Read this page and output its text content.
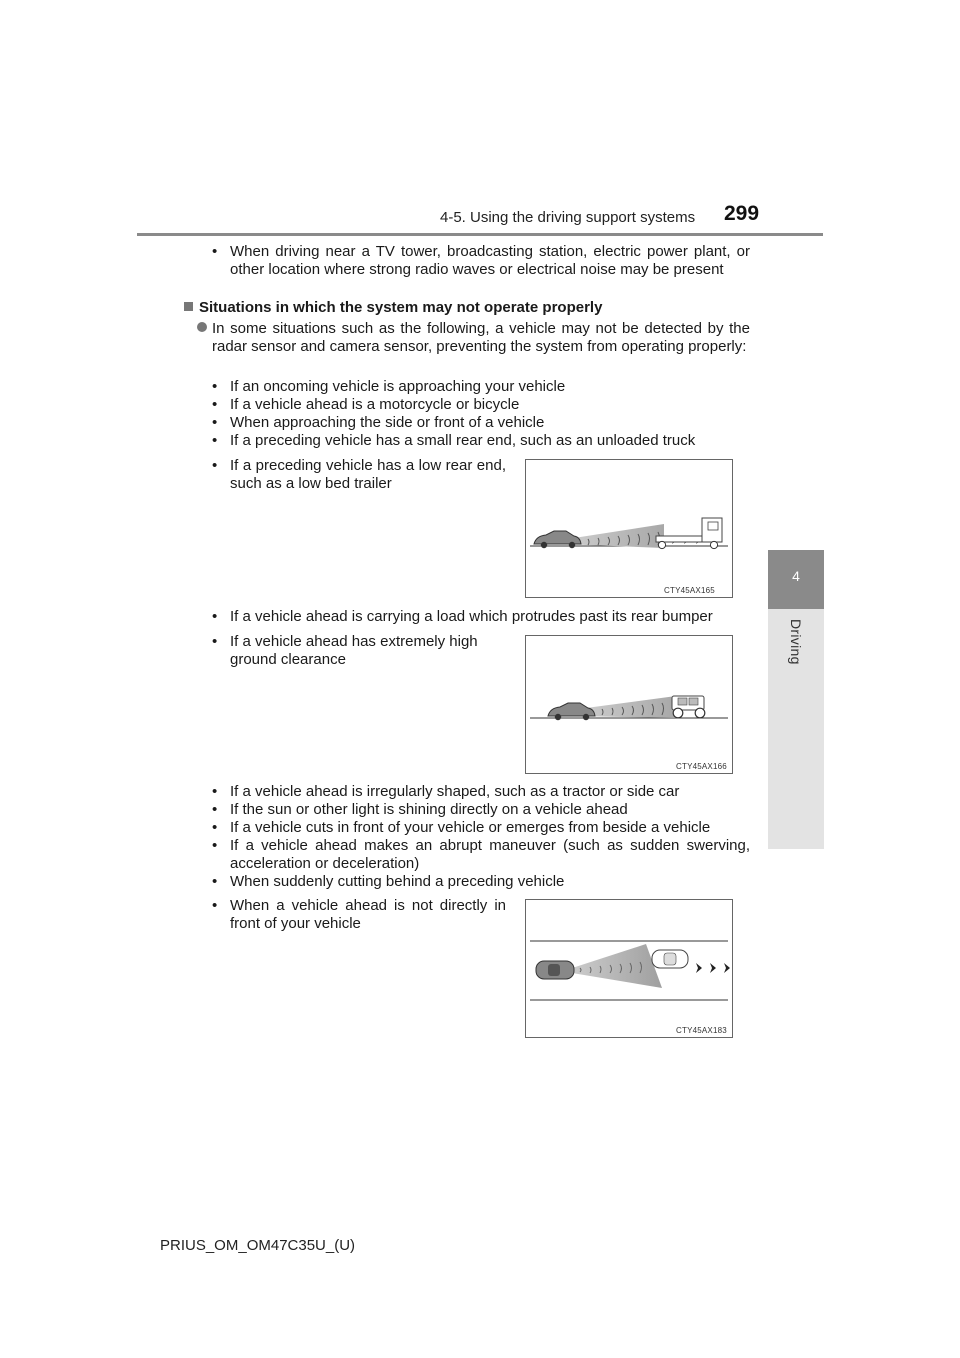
4-5. Using the driving support systems 299
4
Driving
• When driving near a TV tower, broadcasting station, electric power plant, or other location where strong radio waves or electrical noise may be present
Situations in which the system may not operate properly
In some situations such as the following, a vehicle may not be detected by the radar sensor and camera sensor, preventing the system from operating properly:
• If an oncoming vehicle is approaching your vehicle
• If a vehicle ahead is a motorcycle or bicycle
• When approaching the side or front of a vehicle
• If a preceding vehicle has a small rear end, such as an unloaded truck
• If a preceding vehicle has a low rear end, such as a low bed trailer
CTY45AX165
• If a vehicle ahead is carrying a load which protrudes past its rear bumper
• If a vehicle ahead has extremely high ground clearance
CTY45AX166
• If a vehicle ahead is irregularly shaped, such as a tractor or side car
• If the sun or other light is shining directly on a vehicle ahead
• If a vehicle cuts in front of your vehicle or emerges from beside a vehicle
• If a vehicle ahead makes an abrupt maneuver (such as sudden swerving, acceleration or deceleration)
• When suddenly cutting behind a preceding vehicle
• When a vehicle ahead is not directly in front of your vehicle
CTY45AX183
PRIUS_OM_OM47C35U_(U)
